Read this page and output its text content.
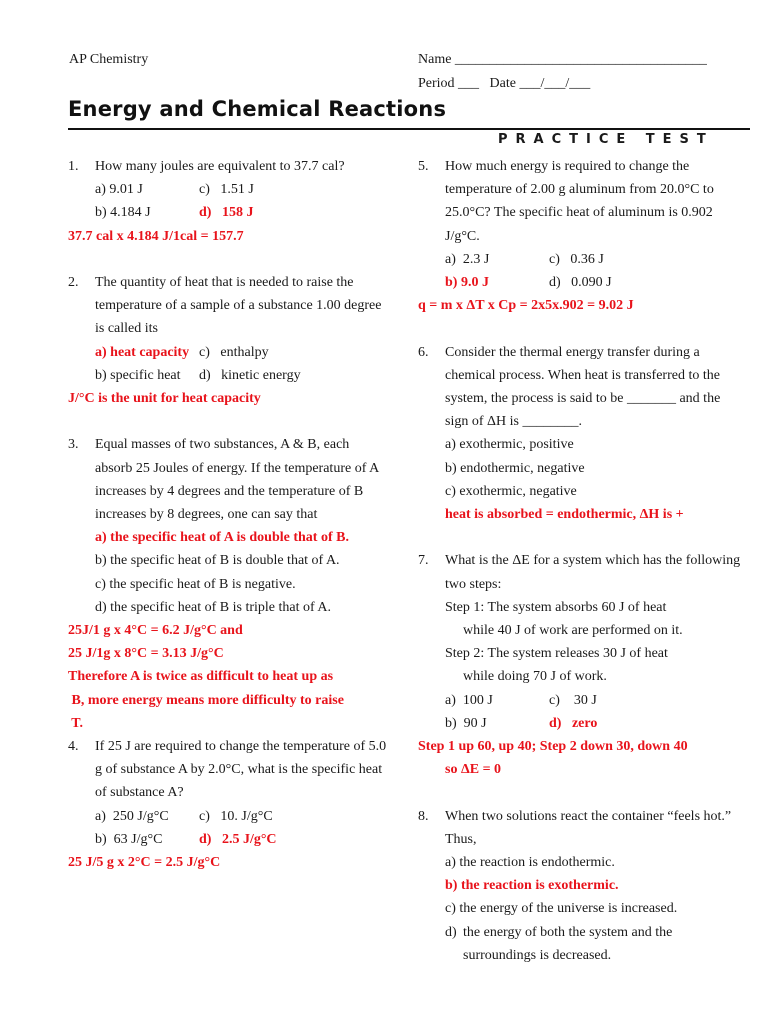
AP Chemistry	Name ____________________________________
Period ___   Date ___/___/___
Energy and Chemical Reactions
PRACTICE TEST
1.	How many joules are equivalent to 37.7 cal?
a) 9.01 J	c)   1.51 J
b) 4.184 J	d)   158 J
37.7 cal x 4.184 J/1cal = 157.7
2.	The quantity of heat that is needed to raise the temperature of a sample of a substance 1.00 degree is called its
a) heat capacity c)   enthalpy
b) specific heat	d)   kinetic energy
J/°C is the unit for heat capacity
3.	Equal masses of two substances, A & B, each absorb 25 Joules of energy. If the temperature of A increases by 4 degrees and the temperature of B increases by 8 degrees, one can say that
a) the specific heat of A is double that of B.
b) the specific heat of B is double that of A.
c) the specific heat of B is negative.
d) the specific heat of B is triple that of A.
25J/1 g x 4°C = 6.2 J/g°C and
25 J/1g x 8°C = 3.13 J/g°C
Therefore A is twice as difficult to heat up as
B, more energy means more difficulty to raise
T.
4.	If 25 J are required to change the temperature of 5.0 g of substance A by 2.0°C, what is the specific heat of substance A?
a)  250 J/g°C	c)   10. J/g°C
b)  63 J/g°C	d)   2.5 J/g°C
25 J/5 g x 2°C = 2.5 J/g°C
5.	How much energy is required to change the temperature of 2.00 g aluminum from 20.0°C to 25.0°C? The specific heat of aluminum is 0.902 J/g°C.
a)  2.3 J	c)   0.36 J
b) 9.0 J	d)   0.090 J
q = m x ΔT x Cp = 2x5x.902 = 9.02 J
6.	Consider the thermal energy transfer during a chemical process. When heat is transferred to the system, the process is said to be _______ and the sign of ΔH is ________.
a) exothermic, positive
b) endothermic, negative
c) exothermic, negative
heat is absorbed = endothermic, ΔH is +
7.	What is the ΔE for a system which has the following two steps:
Step 1: The system absorbs 60 J of heat
while 40 J of work are performed on it.
Step 2: The system releases 30 J of heat
while doing 70 J of work.
a)  100 J	c)    30 J
b)  90 J	d)   zero
Step 1 up 60, up 40; Step 2 down 30, down 40
so ΔE = 0
8.	When two solutions react the container “feels hot.” Thus,
a) the reaction is endothermic.
b) the reaction is exothermic.
c) the energy of the universe is increased.
d) the energy of both the system and the surroundings is decreased.
